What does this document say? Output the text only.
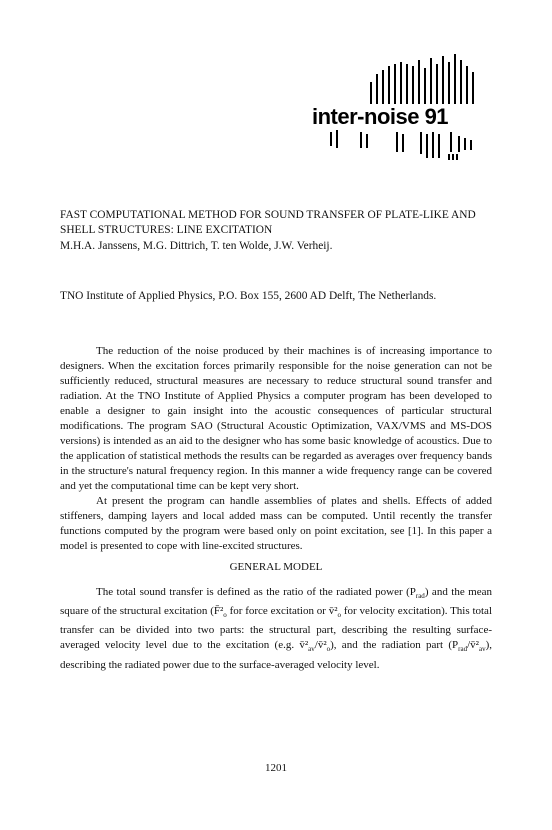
inter-noise 91
FAST COMPUTATIONAL METHOD FOR SOUND TRANSFER OF PLATE-LIKE AND SHELL STRUCTURES: LINE EXCITATION
M.H.A. Janssens, M.G. Dittrich, T. ten Wolde, J.W. Verheij.
TNO Institute of Applied Physics, P.O. Box 155, 2600 AD Delft, The Netherlands.

The reduction of the noise produced by their machines is of increasing importance to designers. When the excitation forces primarily responsible for the noise generation can not be sufficiently reduced, structural measures are necessary to reduce structural sound transfer and radiation. At the TNO Institute of Applied Physics a computer program has been developed to enable a designer to gain insight into the acoustic consequences of particular structural modifications. The program SAO (Structural Acoustic Optimization, VAX/VMS and MS-DOS versions) is intended as an aid to the designer who has some basic knowledge of acoustics. Due to the application of statistical methods the results can be regarded as averages over frequency bands in the structure's natural frequency region. In this manner a wide frequency range can be covered and yet the computational time can be kept very short.

At present the program can handle assemblies of plates and shells. Effects of added stiffeners, damping layers and local added mass can be computed. Until recently the transfer functions computed by the program were based only on point excitation, see [1]. In this paper a model is presented to cope with line-excited structures.

GENERAL MODEL

The total sound transfer is defined as the ratio of the radiated power $(P_{rad})$ and the mean square of the structural excitation ($F̄^2_o$ for force excitation or $v̄^2_o$ for velocity excitation). This total transfer can be divided into two parts: the structural part, describing the resulting surface-averaged velocity level due to the excitation (e.g. $v̄^2_{av}/v̄^2_o$), and the radiation part $(P_{rad}/v̄^2_{av})$, describing the radiated power due to the surface-averaged velocity level.

1201
